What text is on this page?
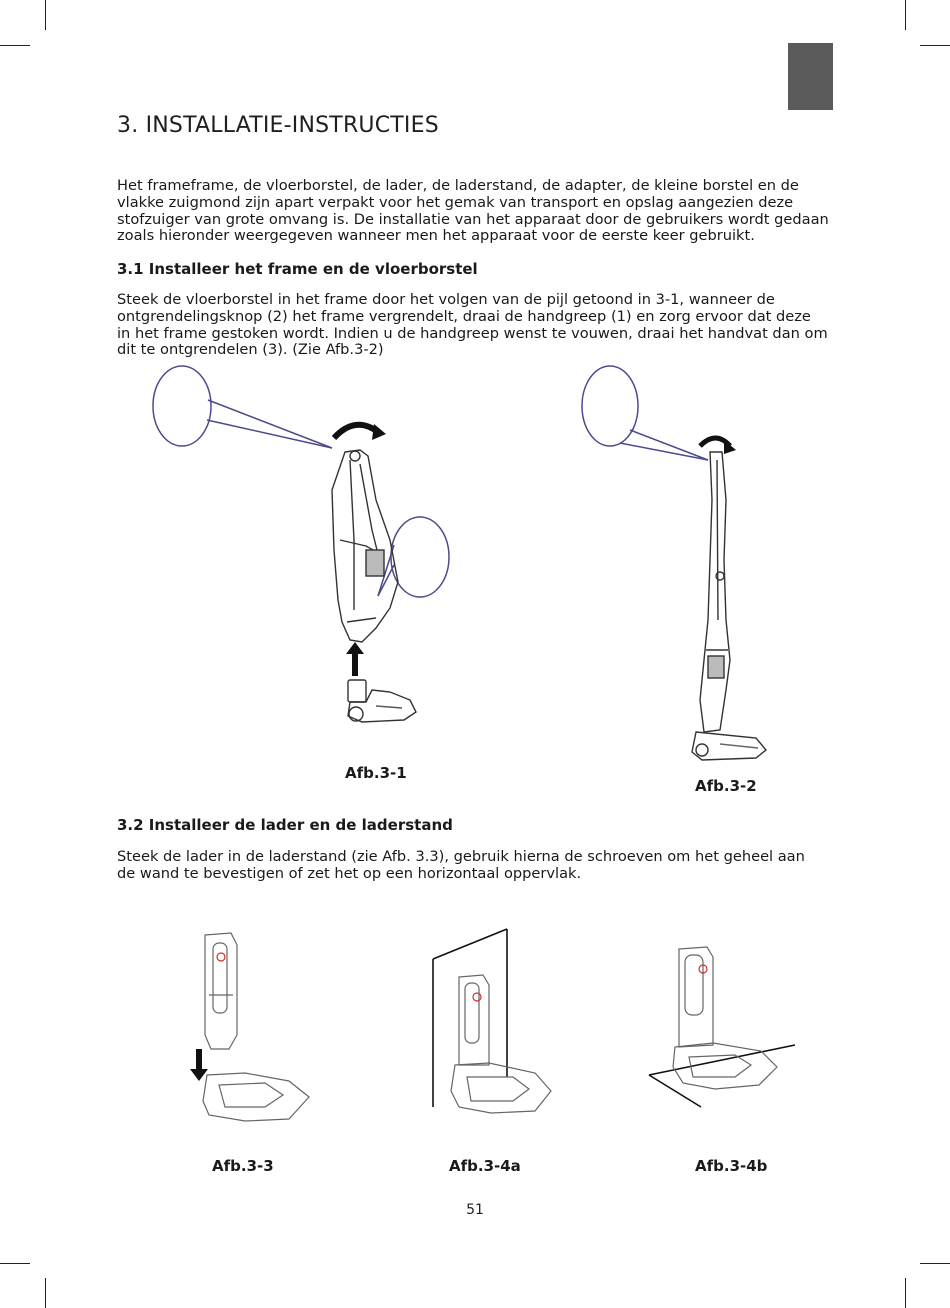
3. INSTALLATIE-INSTRUCTIES
Het frameframe, de vloerborstel, de lader, de laderstand, de adapter, de kleine borstel en de
vlakke zuigmond zijn apart verpakt voor het gemak van transport en opslag aangezien deze
stofzuiger van grote omvang is. De installatie van het apparaat door de gebruikers wordt gedaan
zoals hieronder weergegeven wanneer men het apparaat voor de eerste keer gebruikt.
3.1 Installeer het frame en de vloerborstel
Steek de vloerborstel in het frame door het volgen van de pijl getoond in 3-1, wanneer de
ontgrendelingsknop (2) het frame vergrendelt, draai de handgreep (1) en zorg ervoor dat deze
in het frame gestoken wordt. Indien u de handgreep wenst te vouwen, draai het handvat dan om
dit te ontgrendelen (3). (Zie Afb.3-2)
Afb.3-1
Afb.3-2
3.2 Installeer de lader en de laderstand
Steek de lader in de laderstand (zie Afb. 3.3), gebruik hierna de schroeven om het geheel aan
de wand te bevestigen of zet het op een horizontaal oppervlak.
Afb.3-3	Afb.3-4a	Afb.3-4b
51
